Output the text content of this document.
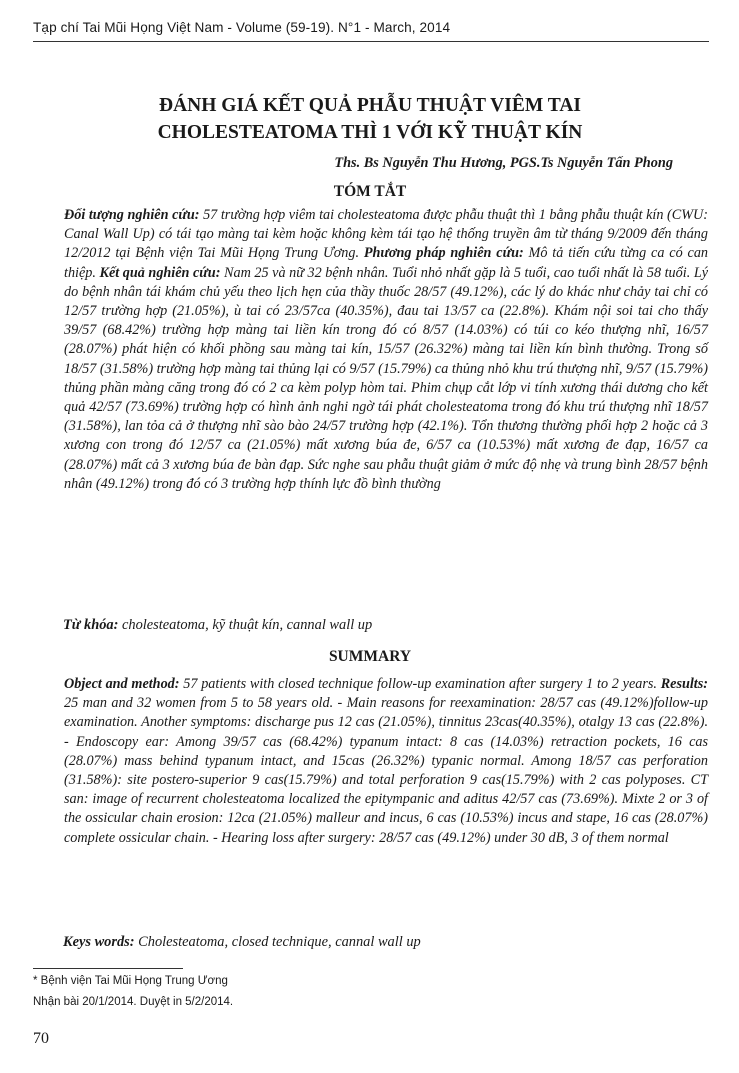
Tạp chí Tai Mũi Họng Việt Nam - Volume (59-19). N°1 - March, 2014
ĐÁNH GIÁ KẾT QUẢ PHẪU THUẬT VIÊM TAI
CHOLESTEATOMA THÌ 1 VỚI KỸ THUẬT KÍN
Ths. Bs Nguyễn Thu Hương, PGS.Ts Nguyễn Tấn Phong
TÓM TẮT
Đối tượng nghiên cứu: 57 trường hợp viêm tai cholesteatoma được phẫu thuật thì 1 bằng phẫu thuật kín (CWU: Canal Wall Up) có tái tạo màng tai kèm hoặc không kèm tái tạo hệ thống truyền âm từ tháng 9/2009 đến tháng 12/2012 tại Bệnh viện Tai Mũi Họng Trung Ương. Phương pháp nghiên cứu: Mô tả tiến cứu từng ca có can thiệp. Kết quả nghiên cứu: Nam 25 và nữ 32 bệnh nhân. Tuổi nhỏ nhất gặp là 5 tuổi, cao tuổi nhất là 58 tuổi. Lý do bệnh nhân tái khám chủ yếu theo lịch hẹn của thầy thuốc 28/57 (49.12%), các lý do khác như chảy tai chỉ có 12/57 trường hợp (21.05%), ù tai có 23/57ca (40.35%), đau tai 13/57 ca (22.8%). Khám nội soi tai cho thấy 39/57 (68.42%) trường hợp màng tai liền kín trong đó có 8/57 (14.03%) có túi co kéo thượng nhĩ, 16/57 (28.07%) phát hiện có khối phồng sau màng tai kín, 15/57 (26.32%) màng tai liền kín bình thường. Trong số 18/57 (31.58%) trường hợp màng tai thủng lại có 9/57 (15.79%) ca thủng nhỏ khu trú thượng nhĩ, 9/57 (15.79%) thủng phần màng căng trong đó có 2 ca kèm polyp hòm tai. Phim chụp cắt lớp vi tính xương thái dương cho kết quả 42/57 (73.69%) trường hợp có hình ảnh nghi ngờ tái phát cholesteatoma trong đó khu trú thượng nhĩ 18/57 (31.58%), lan tỏa cả ở thượng nhĩ sào bào 24/57 trường hợp (42.1%). Tổn thương thường phối hợp 2 hoặc cả 3 xương con trong đó 12/57 ca (21.05%) mất xương búa đe, 6/57 ca (10.53%) mất xương đe đạp, 16/57 ca (28.07%) mất cả 3 xương búa đe bàn đạp. Sức nghe sau phẫu thuật giảm ở mức độ nhẹ và trung bình 28/57 bệnh nhân (49.12%) trong đó có 3 trường hợp thính lực đồ bình thường
Từ khóa: cholesteatoma, kỹ thuật kín, cannal wall up
SUMMARY
Object and method: 57 patients with closed technique follow-up examination after surgery 1 to 2 years. Results: 25 man and 32 women from 5 to 58 years old. - Main reasons for reexamination: 28/57 cas (49.12%)follow-up examination. Another symptoms: discharge pus 12 cas (21.05%), tinnitus 23cas(40.35%), otalgy 13 cas (22.8%). - Endoscopy ear: Among 39/57 cas (68.42%) typanum intact: 8 cas (14.03%) retraction pockets, 16 cas (28.07%) mass behind typanum intact, and 15cas (26.32%) typanic normal. Among 18/57 cas perforation (31.58%): site postero-superior 9 cas(15.79%) and total perforation 9 cas(15.79%) with 2 cas polyposes. CT san: image of recurrent cholesteatoma localized the epitympanic and aditus 42/57 cas (73.69%). Mixte 2 or 3 of the ossicular chain erosion: 12ca (21.05%) malleur and incus, 6 cas (10.53%) incus and stape, 16 cas (28.07%) complete ossicular chain. - Hearing loss after surgery: 28/57 cas (49.12%) under 30 dB, 3 of them normal
Keys words: Cholesteatoma, closed technique, cannal wall up
* Bệnh viện Tai Mũi Họng Trung Ương
Nhận bài 20/1/2014. Duyệt in 5/2/2014.
70
